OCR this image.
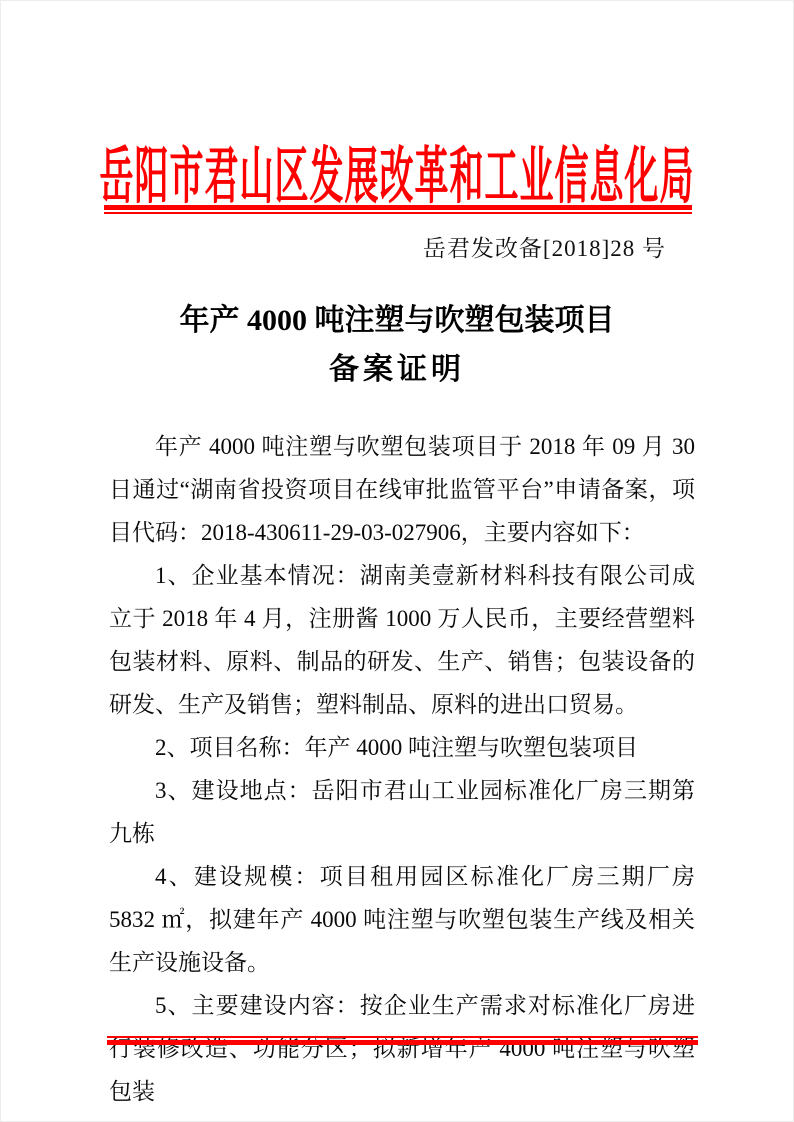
岳阳市君山区发展改革和工业信息化局
岳君发改备[2018]28 号
年产 4000 吨注塑与吹塑包装项目
备案证明

年产 4000 吨注塑与吹塑包装项目于 2018 年 09 月 30 日通过“湖南省投资项目在线审批监管平台”申请备案，项目代码：2018-430611-29-03-027906，主要内容如下：

1、企业基本情况：湖南美壹新材料科技有限公司成立于 2018 年 4 月，注册酱 1000 万人民币，主要经营塑料包装材料、原料、制品的研发、生产、销售；包装设备的研发、生产及销售；塑料制品、原料的进出口贸易。

2、项目名称：年产 4000 吨注塑与吹塑包装项目

3、建设地点：岳阳市君山工业园标准化厂房三期第九栋

4、建设规模：项目租用园区标准化厂房三期厂房 5832 ㎡，拟建年产 4000 吨注塑与吹塑包装生产线及相关生产设施设备。

5、主要建设内容：按企业生产需求对标准化厂房进行装修改造、功能分区；拟新增年产 4000 吨注塑与吹塑包装
